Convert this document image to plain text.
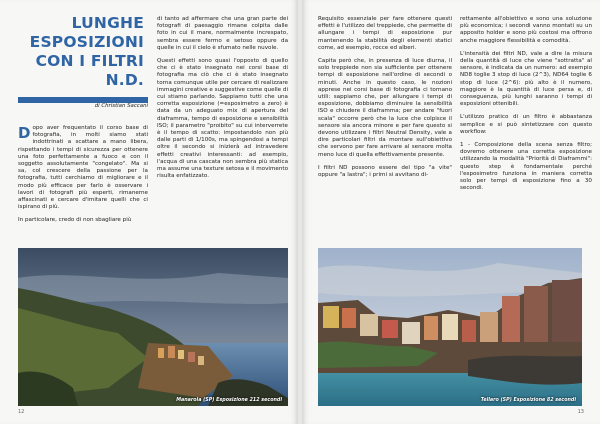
LUNGHE
ESPOSIZIONI
CON I FILTRI
N.D.
di Christian Saccani

Dopo aver frequentato il corso base di fotografia, in molti siamo stati indottrinati a scattare a mano libera, rispettando i tempi di sicurezza per ottenere una foto perfettamente a fuoco e con il soggetto assolutamente "congelato". Ma si sa, col crescere della passione per la fotografia, tutti cerchiamo di migliorare e il modo più efficace per farlo è osservare i lavori di fotografi più esperti, rimanerne affascinati e cercare d'imitare quelli che ci ispirano di più.

In particolare, credo di non sbagliare più

di tanto ad affermare che una gran parte dei fotografi di paesaggio rimane colpita dalle foto in cui il mare, normalmente increspato, sembra essere fermo e setoso oppure da quelle in cui il cielo è sfumato nelle nuvole.

Questi effetti sono quasi l'opposto di quello che ci è stato insegnato nei corsi base di fotografia ma ciò che ci è stato insegnato torna comunque utile per cercare di realizzare immagini creative e suggestive come quelle di cui stiamo parlando. Sappiamo tutti che una corretta esposizione (=esposimetro a zero) è data da un adeguato mix di apertura del diaframma, tempo di esposizione e sensibilità ISO; il parametro "proibito" su cui interverrete è il tempo di scatto: impostandolo non più dalle parti di 1/100s, ma spingendosi a tempi oltre il secondo si inizierà ad intravedere effetti creativi interessanti: ad esempio, l'acqua di una cascata non sembra più statica ma assume una texture setosa e il movimento risulta enfatizzato.

Manarola (SP) Esposizione 212 secondi
12

Requisito essenziale per fare ottenere questi effetti è l'utilizzo del treppiede, che permette di allungare i tempi di esposizione pur mantenendo la stabilità degli elementi statici come, ad esempio, rocce ed alberi.

Capita però che, in presenza di luce diurna, il solo treppiede non sia sufficiente per ottenere tempi di esposizione nell'ordine di secondi o minuti. Anche in questo caso, le nozioni apprese nei corsi base di fotografia ci tornano utili: sappiamo che, per allungare i tempi di esposizione, dobbiamo diminuire la sensibilità ISO e chiudere il diaframma; per andare "fuori scala" occorre però che la luce che colpisce il sensore sia ancora minore e per fare questo si devono utilizzare i filtri Neutral Density, vale a dire particolari filtri da montare sull'obiettivo che servono per fare arrivare al sensore molta meno luce di quella effettivamente presente.

I filtri ND possono essere del tipo "a vite" oppure "a lastra"; i primi si avvitano di-

rettamente all'obiettivo e sono una soluzione più economica; i secondi vanno montati su un apposito holder e sono più costosi ma offrono anche maggiore flessibilità e comodità.

L'intensità dei filtri ND, vale a dire la misura della quantità di luce che viene "sottratta" al sensore, è indicata da un numero: ad esempio ND8 toglie 3 stop di luce (2^3), ND64 toglie 6 stop di luce (2^6): più alto è il numero, maggiore è la quantità di luce persa e, di conseguenza, più lunghi saranno i tempi di esposizioni ottenibili.

L'utilizzo pratico di un filtro è abbastanza semplice e si può sintetizzare con questo workflow:

1 - Composizione della scena senza filtro; dovremo ottenere una corretta esposizione utilizzando la modalità "Priorità di Diaframmi": questo step è fondamentale perché l'esposimetro funziona in maniera corretta solo per tempi di esposizione fino a 30 secondi.

Tellaro (SP) Esposizione 82 secondi
13
